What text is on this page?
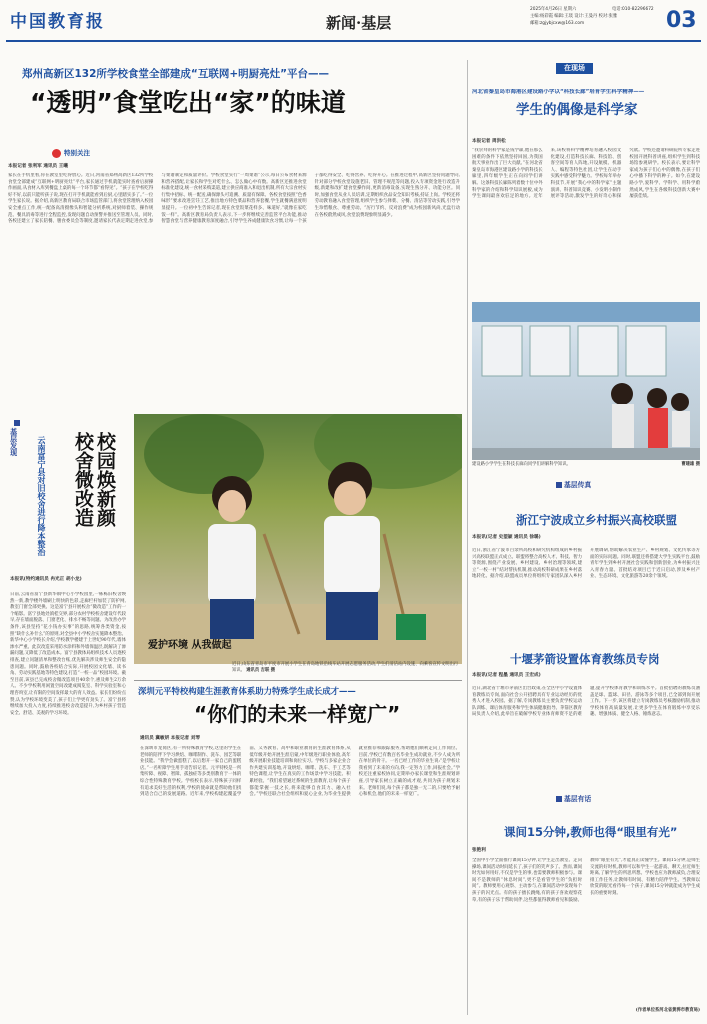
中国教育报	新闻·基层	主编:杨彩霞 编辑:王琰 设计:王曼丹 校对:张雅
2025年4月26日 星期六	电话:010-82296672
邮箱:zgjybjcxw@163.com	03
郑州高新区132所学校食堂全部建成“互联网+明厨亮灶”平台——
“透明”食堂吃出“家”的味道
特别关注
本报记者 张利军 通讯员 王曦
家长在手机里看,你在教室里吃得放心。近日,河南省郑州高新区132所学校食堂全部建成“互联网+明厨亮灶”平台,家长通过手机就能实时查看后厨操作画面,从食材入库到餐盘上桌的每一个环节都“看得见”。“孩子在学校吃得好不好,以前只能听孩子说,现在打开手机就能看到后厨,心里踏实多了。”一位学生家长说。据介绍,高新区教育局联合市场监管部门,将食堂管理纳入校园安全重点工作,统一配备高清摄像头和智能分析系统,对厨师着装、操作规范、餐具消毒等进行全程监控,发现问题自动预警并推送至管理人员。同时,各校还建立了家长陪餐、膳食委员会等制度,邀请家长代表定期走进食堂,参与菜谱制定和质量评价。学校食堂实行“一周菜谱”公示,每日公布食材来源和营养搭配,让家长和学生对吃什么、怎么做心中有数。高新区还推进食堂标准化建设,统一食材采购渠道,建立供应商准入和退出机制,所有大宗食材实行集中招标、统一配送,确保源头可追溯、质量有保障。各校食堂按照“色香味形”要求改进烹饪工艺,推出地方特色菜品和营养套餐,学生就餐满意度明显提升。一位初中生告诉记者,现在食堂饭菜花样多、味道好,“就像在家吃饭一样”。高新区教育局负责人表示,下一步将继续完善监管平台功能,推动智慧食堂与营养健康教育深度融合,引导学生养成健康饮食习惯,让每一个孩子都吃得安全、吃得营养、吃得开心。在推进过程中,高新区坚持问题导向,针对部分学校食堂设施老旧、管理不规范等问题,投入专项资金进行改造升级,新建和改扩建食堂操作间,更新消毒设备,实现生熟分开、功能分区。同时,加强食堂从业人员培训,定期组织食品安全知识考核,持证上岗。学校还将劳动教育融入食堂管理,组织学生参与择菜、分餐、清洁等劳动实践,引导学生珍惜粮食、尊重劳动。“厉行节约、反对浪费”成为校园新风尚,光盘行动在各校蔚然成风,食堂浪费现象明显减少。
基层发现	校园焕新颜 校舍微改造
云南富宁县对旧校舍进行降本整治
本报讯(特约通讯员 冉光正 胡小龙)
日前,云南省富宁县新华镇中心小学校园里,一栋栋旧校舍焕然一新,教学楼外墙刷上明快的色彩,走廊栏杆加装了防护网,教室门窗全部更换。这是富宁县开展校舍“微改造”工作的一个缩影。富宁县地处滇桂交界,部分农村学校校舍建设年代较早,存在墙面脱落、门窗老化、排水不畅等问题。为改善办学条件,该县坚持“花小钱办实事”的思路,统筹各类资金,按照“缺什么补什么”的原则,对全县中小学校舍实施降本整治。新华中心小学校长介绍,学校教学楼建于上世纪90年代,墙体渗水严重。此次改造采用防水涂料和外墙保温层,既解决了渗漏问题,又降低了改造成本。富宁县教体局组织技术人员逐校排查,建立问题清单和整改台账,优先解决涉及师生安全的隐患问题。同时,鼓励各校结合实际,开展校园文化墙、读书角、劳动实践基地等特色建设,打造“一校一品”校园环境。截至目前,该县已完成校舍微改造项目40余个,惠及师生2万余人。不少学校利用闲置空间改建成阅览室、科学实验室和心理咨询室,让有限的空间发挥最大的育人效益。家长们纷纷点赞,认为学校环境变美了,孩子们上学更有劲头了。富宁县将继续加大投入力度,持续推进校舍改造提升,为乡村孩子营造安全、舒适、美观的学习环境。
爱护环境 从我做起
近日,山东省青岛市平度市开展小学生在青岛地铁沿线车站开展志愿服务活动,学生们清洁站内设施、向乘客宣传文明出行知识。 通讯员 吉联 摄
深圳元平特校构建生涯教育体系助力特殊学生成长成才——
“你们的未来一样宽广”
通讯员 冀敏妍 本报记者 刘琴
在深圳市龙岗区,有一所特殊教育学校,这里的学生在老师的陪伴下学习烘焙、咖啡制作、洗车、园艺等职业技能。“我学会做蛋糕了,以后想开一家自己的蛋糕店。”一名听障学生用手语告诉记者。元平特校是一所集听障、视障、智障、孤独症等多类别教育于一体的综合性特殊教育学校。学校校长表示,特殊孩子同样有追求美好生活的权利,学校的使命就是帮助他们找到适合自己的发展道路。近年来,学校构建起覆盖学前、义务教育、高中和职业教育的生涯教育体系,从低年级开始开展生涯启蒙,中年级进行职业体验,高年级开展职业技能培训和岗位实习。学校与多家企业合作共建实训基地,开设烘焙、咖啡、洗车、手工艺等特色课程,让学生在真实的工作场景中学习技能、积累经验。“我们希望通过系统的生涯教育,让每个孩子都能掌握一技之长,将来能够自食其力、融入社会。”学校还联合社会组织和爱心企业,为毕业生提供就业推荐和跟踪服务,帮助他们顺利走向工作岗位。目前,学校已有数百名毕业生成功就业,不少人成为所在单位的骨干。一名已经工作的毕业生说:“是学校让我看到了未来的方向,我一定努力工作,回报社会。”学校还注重家校协同,定期举办家长课堂和生涯规划讲座,引导家长树立正确的成才观,共同为孩子规划未来。老师们说,每个孩子都是独一无二的,只要给予耐心和机会,他们的未来一样宽广。
在现场
河北省秦皇岛市海港区建设路小学以“科技长廊”培育学生科学精神——
学生的偶像是科学家
本报记者 周洪松
“我崇拜的科学家是钱学森,他在那么困难的条件下依然坚持回国,为我国航天事业作出了巨大贡献。”在河北省秦皇岛市海港区建设路小学的科技长廊里,四年级学生正在向同学们讲解。这条科技长廊陈列着数十位中外科学家的介绍和科学知识展板,成为学生课间最喜欢驻足的地方。近年来,该校将科学精神培育融入校园文化建设,打造科技长廊、科技馆、创客空间等育人阵地,开设航模、机器人、编程等特色社团,让学生在动手实践中感受科学魅力。学校每年举办科技节,开展“我心中的科学家”主题演讲、科普知识竞赛、小发明小制作展评等活动,激发学生的好奇心和探究欲。学校还邀请科研院所专家走进校园开展科普讲座,组织学生到科技场馆参观研学。校长表示,要让科学家成为孩子们心中的偶像,在孩子们心中播下科学的种子。如今,在建设路小学,爱科学、学科学、用科学蔚然成风,学生在各级科技创新大赛中屡获佳绩。
建设路小学学生在科技长廊向同学们讲解科学知识。	曹建雄 摄
基层传真
浙江宁波成立乡村振兴高校联盟
本报讯(记者 史望颖 通讯员 徐璐)
近日,浙江省宁波市百余所高校和研究机构组成的乡村振兴高校联盟正式成立。联盟将整合高校人才、科技、智力等资源,围绕产业发展、乡村建设、乡村治理等领域,建立“一校一村”结对帮扶机制,推动高校科研成果在乡村落地转化。据介绍,联盟成员单位将组织专家团队深入乡村开展调研,帮助解决农业生产、乡村规划、文化传承等方面的实际问题。同时,联盟还将搭建大学生实践平台,鼓励青年学生到乡村开展社会实践和创新创业,为乡村振兴注入青春力量。首批结对项目已于近日启动,涉及乡村产业、生态环境、文化旅游等20余个领域。
十堰茅箭设置体育教练员专岗
本报讯(记者 程墨 通讯员 王宏成)
近日,湖北省十堰市茅箭区出台政策,在全区中小学设置体育教练员专岗,面向社会公开招聘具有专业运动经历的优秀人才进入校园。据了解,专岗教练员主要负责学校运动队训练、课后体育服务和学生体质健康指导。茅箭区教育局负责人介绍,此举旨在破解学校专业体育师资不足的难题,提升学校体育教学和训练水平。首批招聘的教练员涵盖足球、篮球、田径、游泳等多个项目,已全部到岗开展工作。下一步,该区将建立专岗教练员考核激励机制,推动学校体育高质量发展,让更多学生在体育锻炼中享受乐趣、增强体质、健全人格、锤炼意志。
基层有话
课间15分钟,教师也得“眼里有光”
张艳利
全国中小学全面推行课间15分钟,让学生走出教室、走向操场,课间活动时间延长了,孩子们的笑声多了。然而,课间时光如何用好,不仅是学生的事,也需要教师积极参与。课间不是教师的“休息时间”,更不是看管学生的“负担时间”。教师要用心观察、主动参与,在课间活动中发现每个孩子的闪光点。有的孩子擅长跳绳,有的孩子喜欢观察花草,有的孩子乐于帮助同伴,这些都值得教师看见和鼓励。教师“眼里有光”,才能真正读懂学生。课间15分钟,是师生交流的好时机,教师可以和学生一起游戏、聊天,拉近师生距离,了解学生的所思所想。学校也应为教师减负,合理安排工作任务,让教师有时间、有精力陪伴学生。当教师以欣赏的眼光看待每一个孩子,课间15分钟就能成为学生成长的重要时刻。
(作者单位系河北省黄骅市教育局)
